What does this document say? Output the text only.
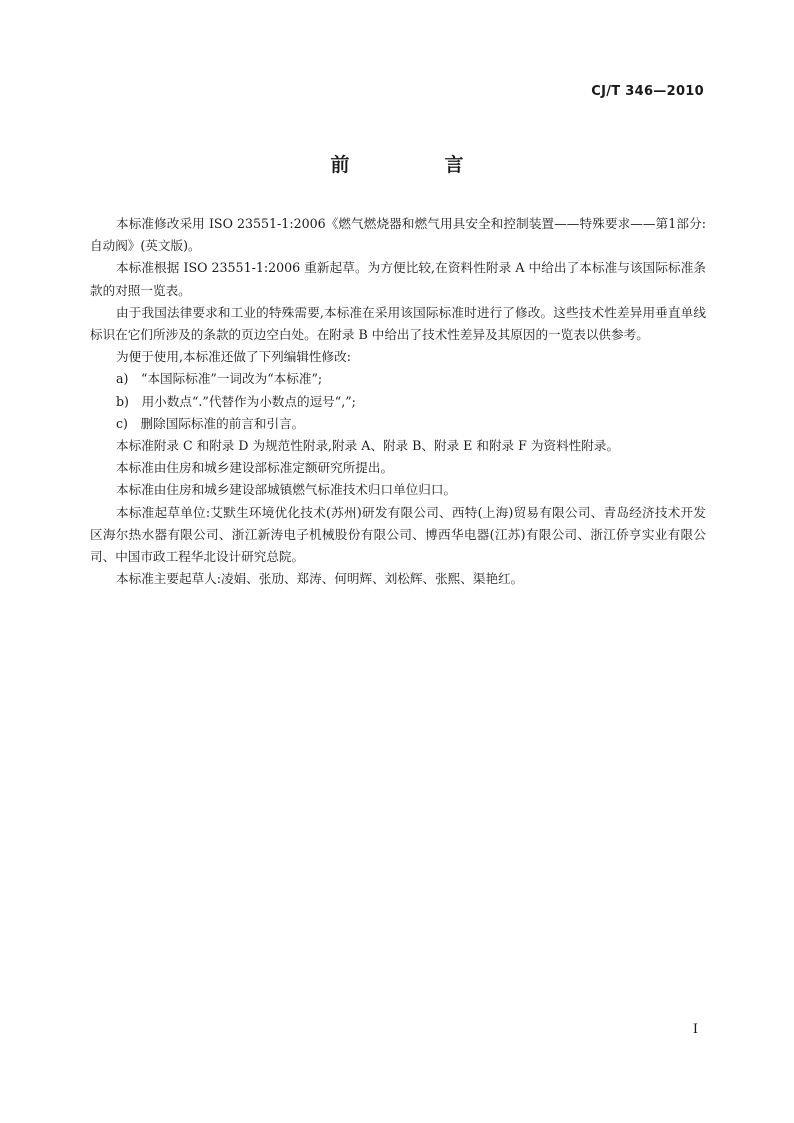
CJ/T 346—2010
前　言

本标准修改采用 ISO 23551-1:2006《燃气燃烧器和燃气用具安全和控制装置——特殊要求——第1部分:自动阀》(英文版)。

本标准根据 ISO 23551-1:2006 重新起草。为方便比较,在资料性附录 A 中给出了本标准与该国际标准条款的对照一览表。

由于我国法律要求和工业的特殊需要,本标准在采用该国际标准时进行了修改。这些技术性差异用垂直单线标识在它们所涉及的条款的页边空白处。在附录 B 中给出了技术性差异及其原因的一览表以供参考。

为便于使用,本标准还做了下列编辑性修改:

a)　“本国际标准”一词改为“本标准”;

b)　用小数点“.”代替作为小数点的逗号“,”;

c)　删除国际标准的前言和引言。

本标准附录 C 和附录 D 为规范性附录,附录 A、附录 B、附录 E 和附录 F 为资料性附录。

本标准由住房和城乡建设部标准定额研究所提出。

本标准由住房和城乡建设部城镇燃气标准技术归口单位归口。

本标准起草单位:艾默生环境优化技术(苏州)研发有限公司、西特(上海)贸易有限公司、青岛经济技术开发区海尔热水器有限公司、浙江新涛电子机械股份有限公司、博西华电器(江苏)有限公司、浙江侨亨实业有限公司、中国市政工程华北设计研究总院。

本标准主要起草人:凌娟、张劢、郑涛、何明辉、刘松辉、张熙、渠艳红。

I
